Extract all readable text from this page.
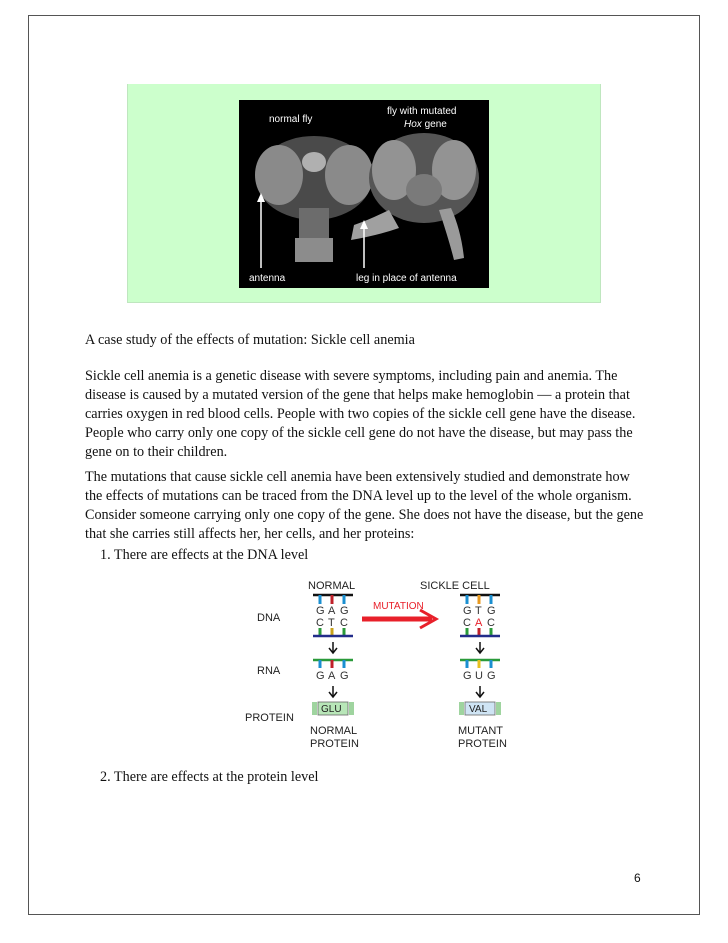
normal fly
fly with mutated
Hox gene
antenna	leg in place of antenna

A case study of the effects of mutation: Sickle cell anemia

Sickle cell anemia is a genetic disease with severe symptoms, including pain and anemia. The disease is caused by a mutated version of the gene that helps make hemoglobin — a protein that carries oxygen in red blood cells. People with two copies of the sickle cell gene have the disease. People who carry only one copy of the sickle cell gene do not have the disease, but may pass the gene on to their children.

The mutations that cause sickle cell anemia have been extensively studied and demonstrate how the effects of mutations can be traced from the DNA level up to the level of the whole organism. Consider someone carrying only one copy of the gene. She does not have the disease, but the gene that she carries still affects her, her cells, and her proteins:

1. There are effects at the DNA level
NORMAL	SICKLE CELL
DNA
RNA
PROTEIN
G A G
C T C
MUTATION	G T G
C A C
G A G	G U G
GLU	VAL
NORMAL
PROTEIN
MUTANT
PROTEIN
2. There are effects at the protein level
6
